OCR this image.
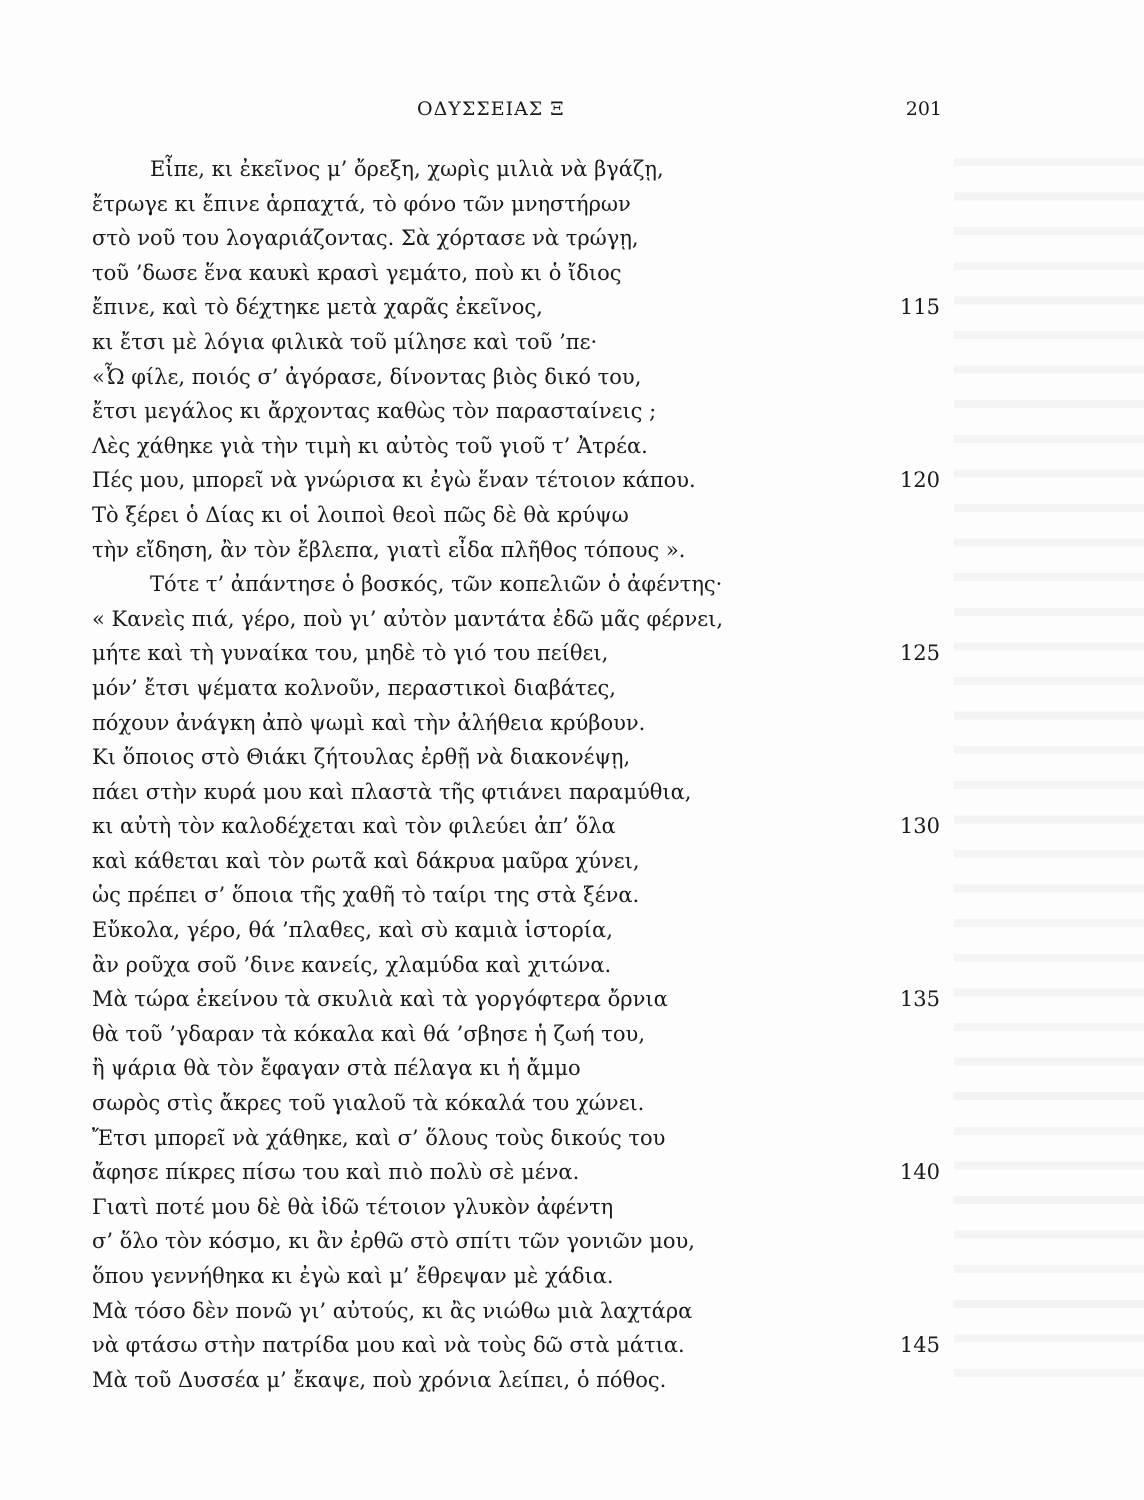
ΟΔΥΣΣΕΙΑΣ Ξ	201
Εἶπε, κι ἐκεῖνος μ’ ὄρεξη, χωρὶς μιλιὰ νὰ βγάζῃ,
ἔτρωγε κι ἔπινε ἁρπαχτά, τὸ φόνο τῶν μνηστήρων
στὸ νοῦ του λογαριάζοντας. Σὰ χόρτασε νὰ τρώγῃ,
τοῦ ’δωσε ἕνα καυκὶ κρασὶ γεμάτο, ποὺ κι ὁ ἴδιος
ἔπινε, καὶ τὸ δέχτηκε μετὰ χαρᾶς ἐκεῖνος,	115
κι ἔτσι μὲ λόγια φιλικὰ τοῦ μίλησε καὶ τοῦ ’πε·
«Ὦ φίλε, ποιός σ’ ἀγόρασε, δίνοντας βιὸς δικό του,
ἔτσι μεγάλος κι ἄρχοντας καθὼς τὸν παρασταίνεις ;
Λὲς χάθηκε γιὰ τὴν τιμὴ κι αὐτὸς τοῦ γιοῦ τ’ Ἀτρέα.
Πές μου, μπορεῖ νὰ γνώρισα κι ἐγὼ ἕναν τέτοιον κάπου.	120
Τὸ ξέρει ὁ Δίας κι οἱ λοιποὶ θεοὶ πῶς δὲ θὰ κρύψω
τὴν εἴδηση, ἂν τὸν ἔβλεπα, γιατὶ εἶδα πλῆθος τόπους ».
Τότε τ’ ἀπάντησε ὁ βοσκός, τῶν κοπελιῶν ὁ ἀφέντης·
« Κανεὶς πιά, γέρο, ποὺ γι’ αὐτὸν μαντάτα ἐδῶ μᾶς φέρνει,
μήτε καὶ τὴ γυναίκα του, μηδὲ τὸ γιό του πείθει,	125
μόν’ ἔτσι ψέματα κολνοῦν, περαστικοὶ διαβάτες,
πόχουν ἀνάγκη ἀπὸ ψωμὶ καὶ τὴν ἀλήθεια κρύβουν.
Κι ὅποιος στὸ Θιάκι ζήτουλας ἐρθῇ νὰ διακονέψῃ,
πάει στὴν κυρά μου καὶ πλαστὰ τῆς φτιάνει παραμύθια,
κι αὐτὴ τὸν καλοδέχεται καὶ τὸν φιλεύει ἀπ’ ὅλα	130
καὶ κάθεται καὶ τὸν ρωτᾶ καὶ δάκρυα μαῦρα χύνει,
ὡς πρέπει σ’ ὅποια τῆς χαθῆ τὸ ταίρι της στὰ ξένα.
Εὔκολα, γέρο, θά ’πλαθες, καὶ σὺ καμιὰ ἱστορία,
ἂν ροῦχα σοῦ ’δινε κανείς, χλαμύδα καὶ χιτώνα.
Μὰ τώρα ἐκείνου τὰ σκυλιὰ καὶ τὰ γοργόφτερα ὄρνια	135
θὰ τοῦ ’γδαραν τὰ κόκαλα καὶ θά ’σβησε ἡ ζωή του,
ἢ ψάρια θὰ τὸν ἔφαγαν στὰ πέλαγα κι ἡ ἄμμο
σωρὸς στὶς ἄκρες τοῦ γιαλοῦ τὰ κόκαλά του χώνει.
Ἔτσι μπορεῖ νὰ χάθηκε, καὶ σ’ ὅλους τοὺς δικούς του
ἄφησε πίκρες πίσω του καὶ πιὸ πολὺ σὲ μένα.	140
Γιατὶ ποτέ μου δὲ θὰ ἰδῶ τέτοιον γλυκὸν ἀφέντη
σ’ ὅλο τὸν κόσμο, κι ἂν ἐρθῶ στὸ σπίτι τῶν γονιῶν μου,
ὅπου γεννήθηκα κι ἐγὼ καὶ μ’ ἔθρεψαν μὲ χάδια.
Μὰ τόσο δὲν πονῶ γι’ αὐτούς, κι ἂς νιώθω μιὰ λαχτάρα
νὰ φτάσω στὴν πατρίδα μου καὶ νὰ τοὺς δῶ στὰ μάτια.	145
Μὰ τοῦ Δυσσέα μ’ ἔκαψε, ποὺ χρόνια λείπει, ὁ πόθος.
